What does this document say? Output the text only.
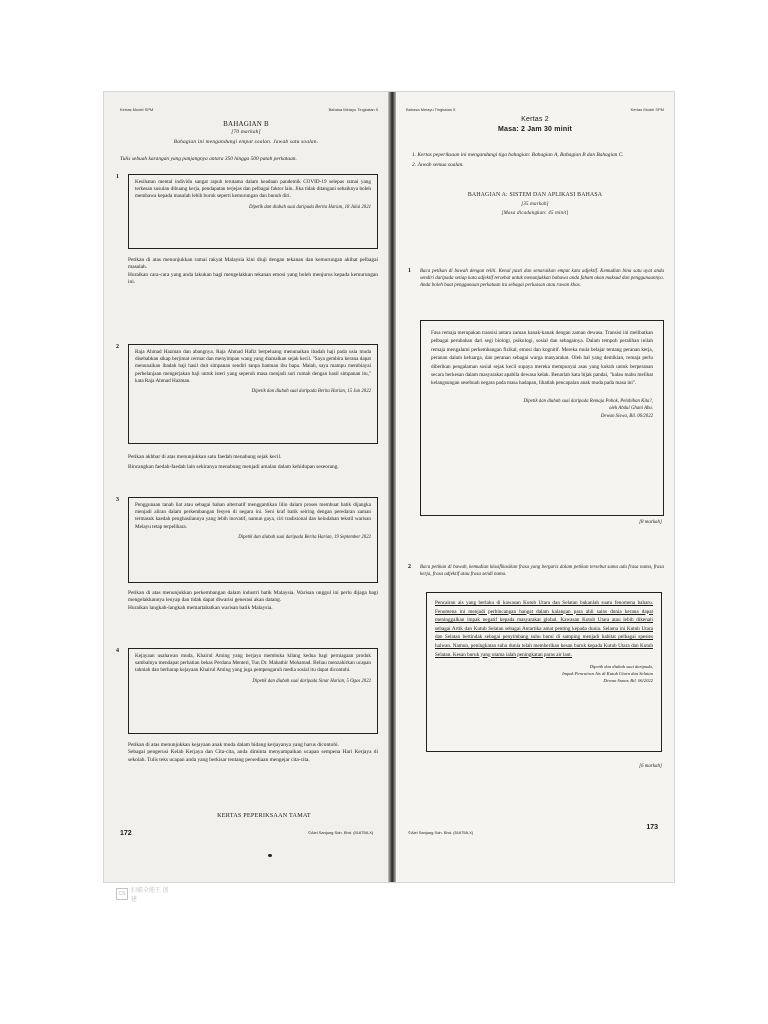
Kertas Model SPM	Bahasa Melayu Tingkatan 5
BAHAGIAN B
[70 markah]
Bahagian ini mengandungi empat soalan. Jawab satu soalan.
Tulis sebuah karangan yang panjangnya antara 350 hingga 500 patah perkataan.
1
Kesihatan mental individu sangat rapuh terutama dalam keadaan pandemik COVID-19 selepas ramai yang terkesan susulan dibuang kerja, pendapatan terjejas dan pelbagai faktor lain. Jika tidak ditangani sebaiknya boleh membawa kepada masalah lebih buruk seperti kemurungan dan bunuh diri.
Dipetik dan diubah suai daripada Berita Harian, 18 Julai 2021
Petikan di atas menunjukkan ramai rakyat Malaysia kini diuji dengan tekanan dan kemurungan akibat pelbagai masalah.
Huraikan cara-cara yang anda lakukan bagi mengelakkan tekanan emosi yang boleh menjurus kepada kemurungan ini.
2
Raja Ahmad Hazman dan abangnya, Raja Ahmad Hafiz berpeluang menunaikan ibadah haji pada usia muda disebabkan sikap berjimat cermat dan menyimpan wang yang diamalkan sejak kecil. "Saya gembira kerana dapat menunaikan ibadah haji hasil duit simpanan sendiri tanpa bantuan ibu bapa. Malah, saya mampu membiayai perbelanjaan mengerjakan haji untuk isteri yang seperuh masa menjadi suri rumah dengan hasil simpanan itu," kata Raja Ahmad Hazman.
Dipetik dan diubah suai daripada Berita Harian, 15 Jun 2022
Petikan akhbar di atas menunjukkan satu faedah menabung sejak kecil.
Bincangkan faedah-faedah lain sekiranya menabung menjadi amalan dalam kehidupan seseorang.
3
Penggunaan tanah liat atau sebagai bahan alternatif menggantikan lilin dalam proses membuat batik dijangka menjadi aliran dalam perkembangan fesyen di negara ini. Seni kraf batik seiring dengan peredaran zaman termasuk kaedah penghasilannya yang lebih inovatif, namun gaya, ciri tradisional dan keindahan tekstil warisan Melayu tetap terpelihara.
Dipetik dan diubah suai daripada Berita Harian, 19 September 2022
Petikan di atas menunjukkan perkembangan dalam industri batik Malaysia. Warisan unggul ini perlu dijaga bagi mengelakkannya lenyap dan tidak dapat diwarisi generasi akan datang.
Huraikan langkah-langkah memartabatkan warisan batik Malaysia.
4
Kejayaan usahawan muda, Khairul Aming yang berjaya membuka kilang kedua bagi perniagaan produk sambalnya mendapat perhatian bekas Perdana Menteri, Tun Dr. Mahathir Mohamad. Beliau menzahirkan ucapan tahniah dan berharap kejayaan Khairul Aming yang juga pempengaruh media sosial itu dapat dicontohi.
Dipetik dan diubah suai daripada Sinar Harian, 5 Ogos 2022
Petikan di atas menunjukkan kejayaan anak muda dalam bidang kerjayanya yang harus dicontohi.
Sebagai pengerusi Kelab Kerjaya dan Cita-cita, anda diminta menyampaikan ucapan sempena Hari Kerjaya di sekolah. Tulis teks ucapan anda yang berkisar tentang persediaan mengejar cita-cita.
KERTAS PEPERIKSAAN TAMAT
172	©Aiel Sanjung Sdn. Bhd. (516758-X)
Bahasa Melayu Tingkatan 5	Kertas Model SPM
Kertas 2
Masa: 2 Jam 30 minit
1. Kertas peperiksaan ini mengandungi tiga bahagian: Bahagian A, Bahagian B dan Bahagian C.
2. Jawab semua soalan.
BAHAGIAN A: SISTEM DAN APLIKASI BAHASA
[35 markah]
[Masa dicadangkan: 45 minit]
1 Baca petikan di bawah dengan teliti. Kenal pasti dan senaraikan empat kata adjektif. Kemudian bina satu ayat anda sendiri daripada setiap kata adjektif tersebut untuk menunjukkan bahawa anda faham akan maksud dan penggunaannya. Anda boleh buat penggunaan perkataan itu sebagai perluasan atau rawan khas.
Fasa remaja merupakan transisi antara zaman kanak-kanak dengan zaman dewasa. Transisi ini melibatkan pelbagai perubahan dari segi biologi, psikologi, sosial dan sebagainya. Dalam tempoh peralihan inilah remaja mengalami perkembangan fizikal, emosi dan kognitif. Mereka mula belajar tentang peranan kerja, peranan dalam keluarga, dan peranan sebagai warga masyarakat. Oleh hal yang demikian, remaja perlu diberikan pengalaman sosial sejak kecil supaya mereka mempunyai asas yang kukuh untuk berperanan secara berkesan dalam masyarakat apabila dewasa kelak. Benarlah kata bijak pandai, "kalau mahu melihat kelangsungan sesebuah negara pada masa hadapan, lihatlah pencapaian anak muda pada masa ini".
Dipetik dan diubah suai daripada Remaja Pohok, Pelabihan Kita?,
oleh Abdul Ghani Abu.
Dewan Siswa, Bil. 06/2022
[8 markah]
2 Baca petikan di bawah, kemudian klasifikasikan frasa yang bergaris dalam petikan tersebut sama ada frasa nama, frasa kerja, frasa adjektif atau frasa sendi nama.
Pencairan ais yang berlaku di kawasan Kutub Utara dan Selatan bukanlah suatu fenomena baharu. Fenomena ini menjadi perbincangan hangat dalam kalangan para ahli sains dunia kerana dapat meninggalkan impak negatif kepada masyarakat global. Kawasan Kutub Utara atau lebih dikenali sebagai Artik dan Kutub Selatan sebagai Antartika amat penting kepada dunia. Selama ini Kutub Utara dan Selatan bertindak sebagai penyimbang suhu bumi di samping menjadi habitat pelbagai spesies haiwan. Namun, peningkatan suhu dunia telah memberikan kesan buruk kepada Kutub Utara dan Kutub Selatan. Kesan buruk yang utama ialah peningkatan paras air laut.
Dipetik dan diubah suai daripada,
Impak Pencairan Ais di Kutub Utara dan Selatan
Dewan Sonar, Bil. 06/2022
[6 markah]
©Aiel Sanjung Sdn. Bhd. (516758-X)
173
CS 扫描全能王 创建
